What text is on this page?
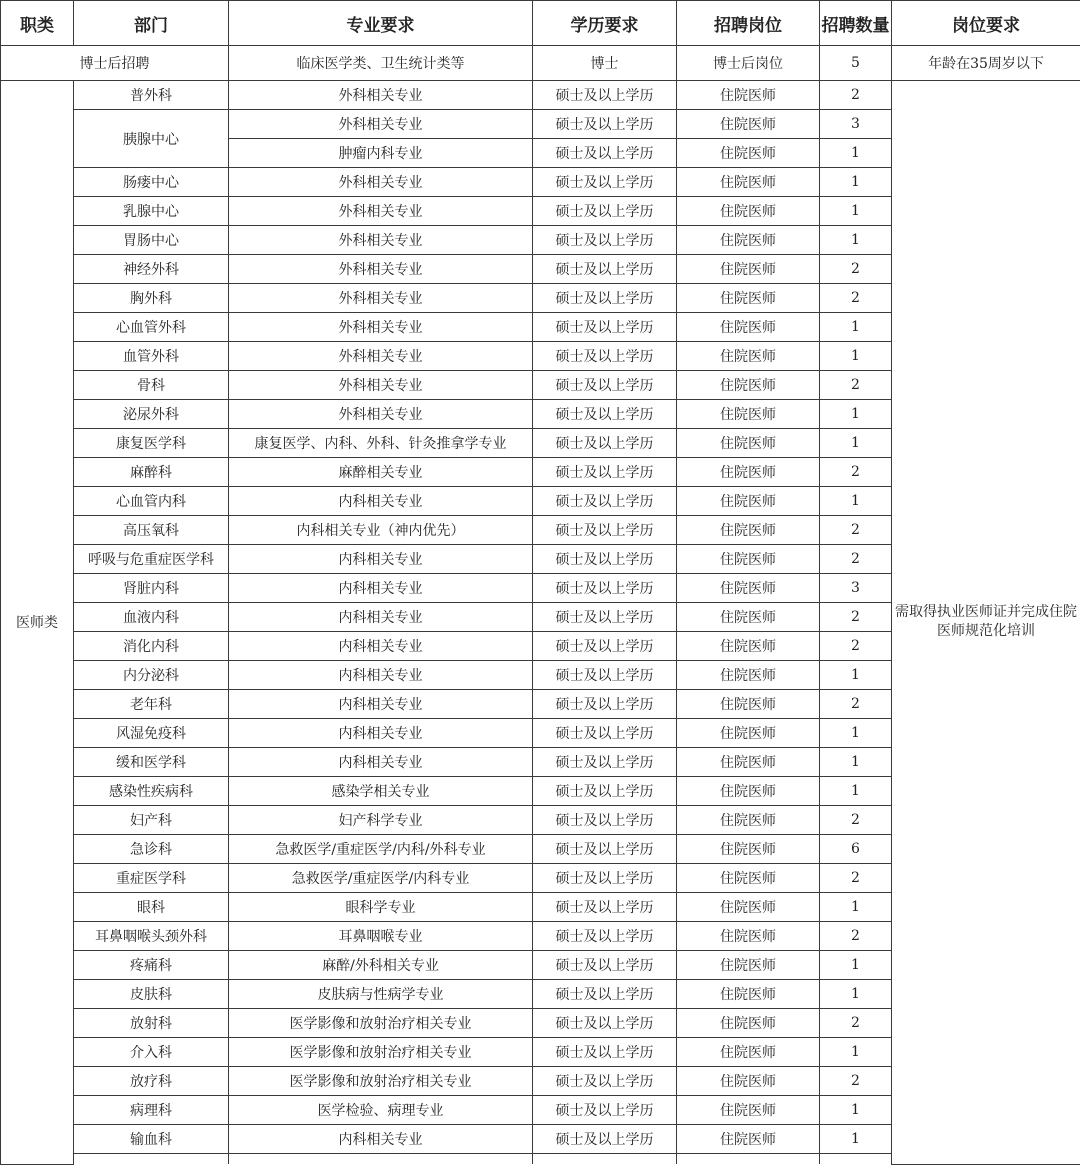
职类	部门	专业要求	学历要求	招聘岗位	招聘数量	岗位要求
博士后招聘		临床医学类、卫生统计类等	博士	博士后岗位	5	年龄在35周岁以下
医师类	普外科	外科相关专业	硕士及以上学历	住院医师	2	需取得执业医师证并完成住院医师规范化培训
	胰腺中心	外科相关专业	硕士及以上学历	住院医师	3	
		肿瘤内科专业	硕士及以上学历	住院医师	1	
	肠瘘中心	外科相关专业	硕士及以上学历	住院医师	1	
	乳腺中心	外科相关专业	硕士及以上学历	住院医师	1	
	胃肠中心	外科相关专业	硕士及以上学历	住院医师	1	
	神经外科	外科相关专业	硕士及以上学历	住院医师	2	
	胸外科	外科相关专业	硕士及以上学历	住院医师	2	
	心血管外科	外科相关专业	硕士及以上学历	住院医师	1	
	血管外科	外科相关专业	硕士及以上学历	住院医师	1	
	骨科	外科相关专业	硕士及以上学历	住院医师	2	
	泌尿外科	外科相关专业	硕士及以上学历	住院医师	1	
	康复医学科	康复医学、内科、外科、针灸推拿学专业	硕士及以上学历	住院医师	1	
	麻醉科	麻醉相关专业	硕士及以上学历	住院医师	2	
	心血管内科	内科相关专业	硕士及以上学历	住院医师	1	
	高压氧科	内科相关专业（神内优先）	硕士及以上学历	住院医师	2	
	呼吸与危重症医学科	内科相关专业	硕士及以上学历	住院医师	2	
	肾脏内科	内科相关专业	硕士及以上学历	住院医师	3	
	血液内科	内科相关专业	硕士及以上学历	住院医师	2	
	消化内科	内科相关专业	硕士及以上学历	住院医师	2	
	内分泌科	内科相关专业	硕士及以上学历	住院医师	1	
	老年科	内科相关专业	硕士及以上学历	住院医师	2	
	风湿免疫科	内科相关专业	硕士及以上学历	住院医师	1	
	缓和医学科	内科相关专业	硕士及以上学历	住院医师	1	
	感染性疾病科	感染学相关专业	硕士及以上学历	住院医师	1	
	妇产科	妇产科学专业	硕士及以上学历	住院医师	2	
	急诊科	急救医学/重症医学/内科/外科专业	硕士及以上学历	住院医师	6	
	重症医学科	急救医学/重症医学/内科专业	硕士及以上学历	住院医师	2	
	眼科	眼科学专业	硕士及以上学历	住院医师	1	
	耳鼻咽喉头颈外科	耳鼻咽喉专业	硕士及以上学历	住院医师	2	
	疼痛科	麻醉/外科相关专业	硕士及以上学历	住院医师	1	
	皮肤科	皮肤病与性病学专业	硕士及以上学历	住院医师	1	
	放射科	医学影像和放射治疗相关专业	硕士及以上学历	住院医师	2	
	介入科	医学影像和放射治疗相关专业	硕士及以上学历	住院医师	1	
	放疗科	医学影像和放射治疗相关专业	硕士及以上学历	住院医师	2	
	病理科	医学检验、病理专业	硕士及以上学历	住院医师	1	
	输血科	内科相关专业	硕士及以上学历	住院医师	1	
